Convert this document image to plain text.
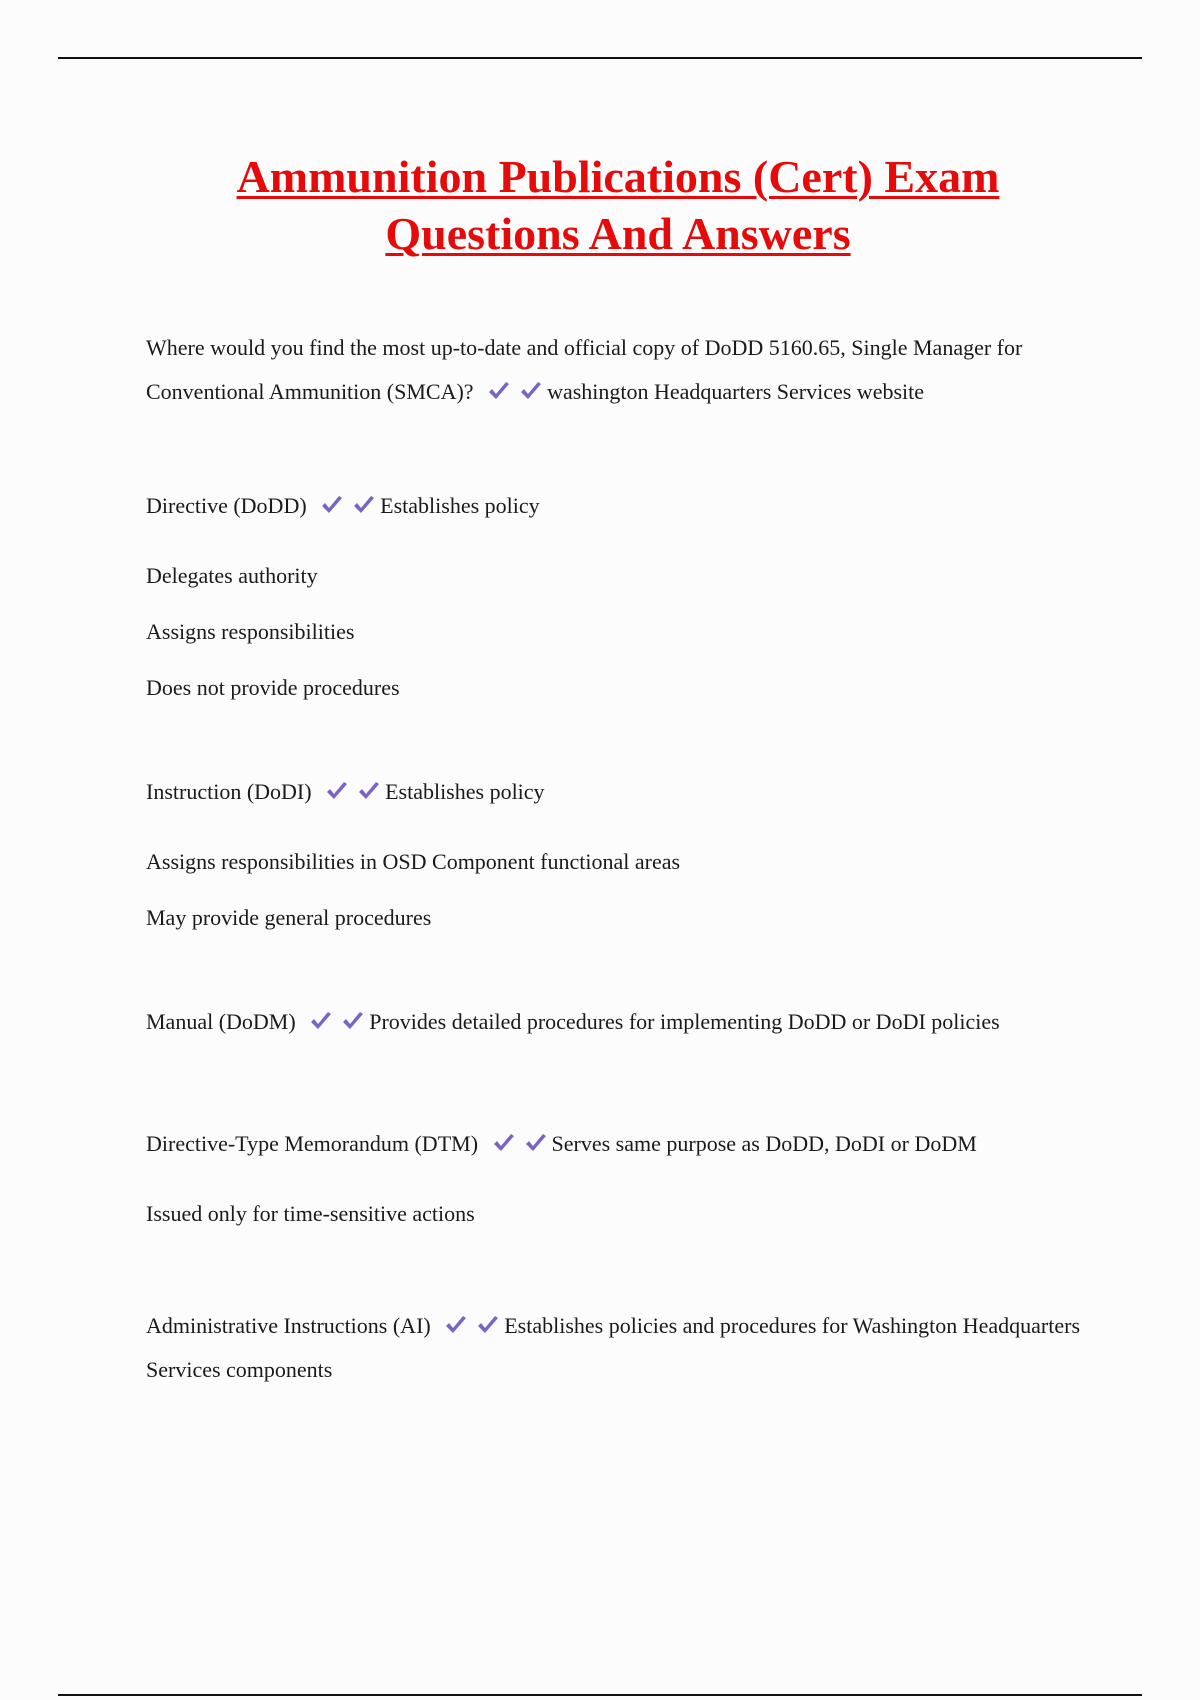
Ammunition Publications (Cert) Exam
Questions And Answers

Where would you find the most up-to-date and official copy of DoDD 5160.65, Single Manager for Conventional Ammunition (SMCA)?	washington Headquarters Services website

Directive (DoDD)	Establishes policy

Delegates authority

Assigns responsibilities

Does not provide procedures

Instruction (DoDI)	Establishes policy

Assigns responsibilities in OSD Component functional areas

May provide general procedures

Manual (DoDM)	Provides detailed procedures for implementing DoDD or DoDI policies

Directive-Type Memorandum (DTM)	Serves same purpose as DoDD, DoDI or DoDM

Issued only for time-sensitive actions

Administrative Instructions (AI)	Establishes policies and procedures for Washington Headquarters Services components
